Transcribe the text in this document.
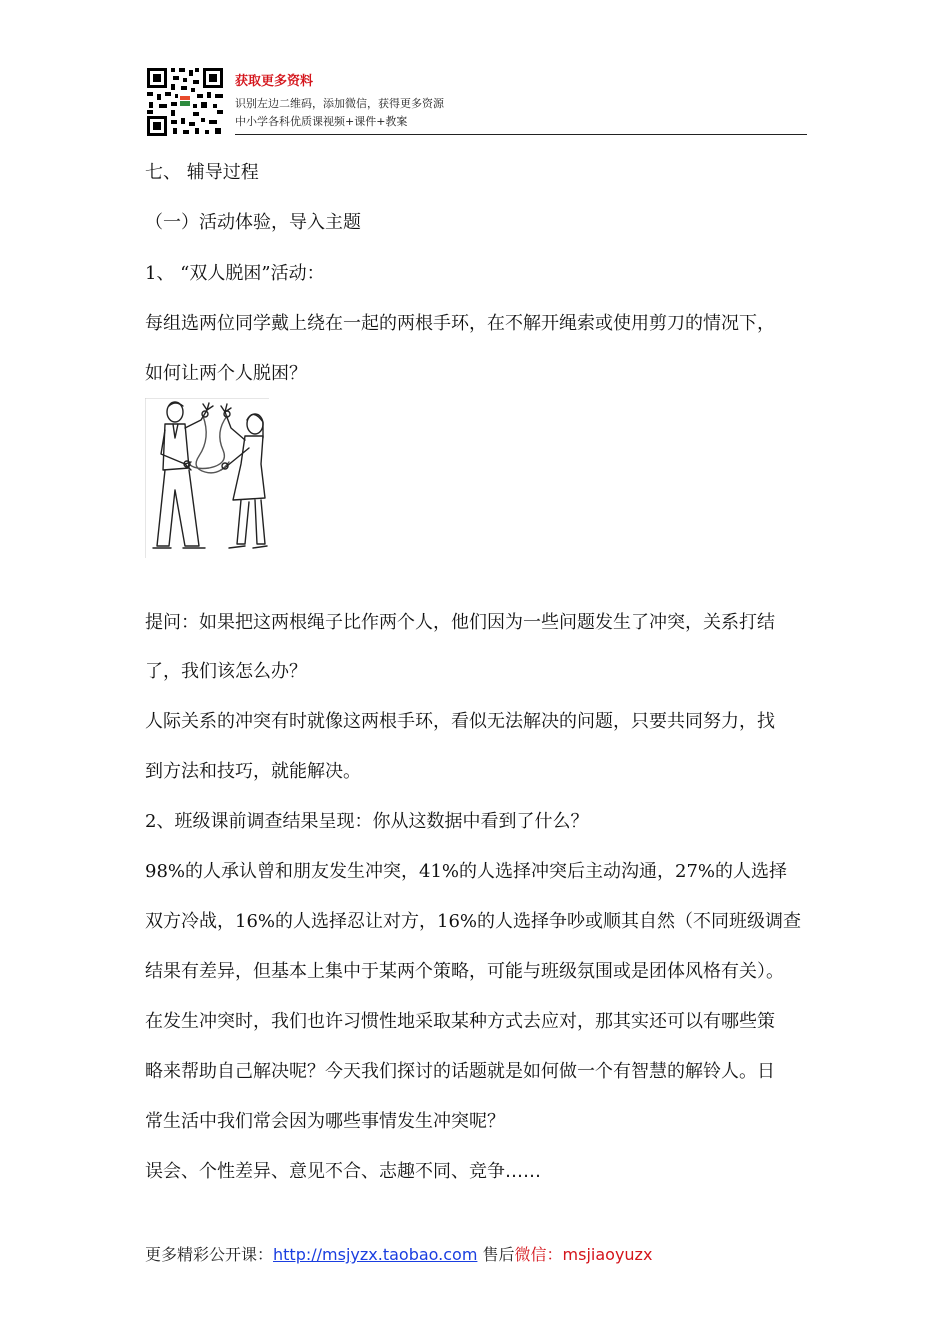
获取更多资料
识别左边二维码，添加微信，获得更多资源
中小学各科优质课视频+课件+教案
七、 辅导过程
（一）活动体验，导入主题
1、 “双人脱困”活动：
每组选两位同学戴上绕在一起的两根手环，在不解开绳索或使用剪刀的情况下，
如何让两个人脱困？
提问：如果把这两根绳子比作两个人，他们因为一些问题发生了冲突，关系打结
了，我们该怎么办？
人际关系的冲突有时就像这两根手环，看似无法解决的问题，只要共同努力，找
到方法和技巧，就能解决。
2、班级课前调查结果呈现：你从这数据中看到了什么？
98%的人承认曾和朋友发生冲突，41%的人选择冲突后主动沟通，27%的人选择
双方冷战，16%的人选择忍让对方，16%的人选择争吵或顺其自然（不同班级调查
结果有差异，但基本上集中于某两个策略，可能与班级氛围或是团体风格有关）。
在发生冲突时，我们也许习惯性地采取某种方式去应对，那其实还可以有哪些策
略来帮助自己解决呢？今天我们探讨的话题就是如何做一个有智慧的解铃人。日
常生活中我们常会因为哪些事情发生冲突呢？
误会、个性差异、意见不合、志趣不同、竞争……
更多精彩公开课：http://msjyzx.taobao.com 售后微信：msjiaoyuzx
